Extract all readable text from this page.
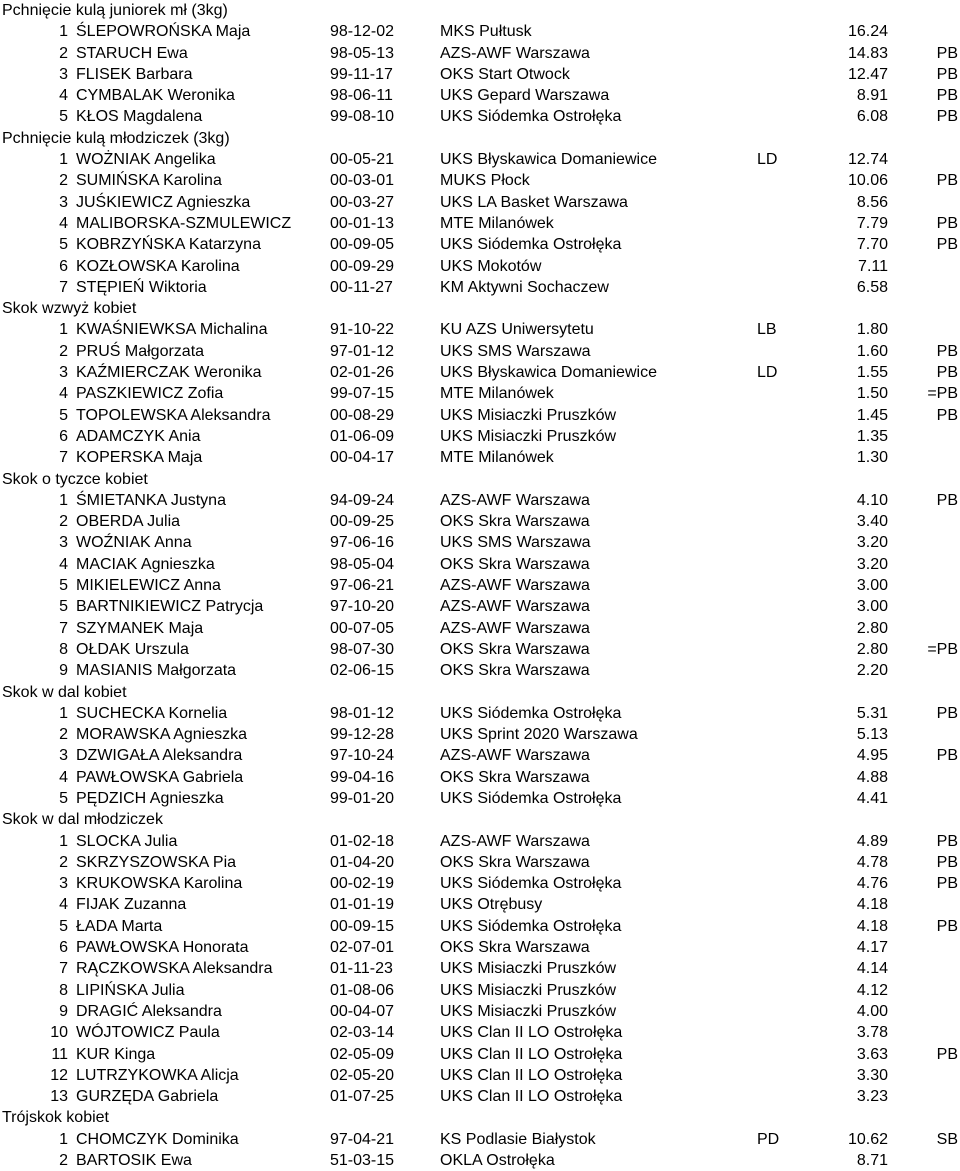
Pchnięcie kulą juniorek mł (3kg)
1 ŚLEPOWROŃSKA Maja	98-12-02	MKS Pułtusk	16.24
2 STARUCH Ewa	98-05-13	AZS-AWF Warszawa	14.83	PB
3 FLISEK Barbara	99-11-17	OKS Start Otwock	12.47	PB
4 CYMBALAK Weronika	98-06-11	UKS Gepard Warszawa	8.91	PB
5 KŁOS Magdalena	99-08-10	UKS Siódemka Ostrołęka	6.08	PB
Pchnięcie kulą młodziczek (3kg)
1 WOŻNIAK Angelika	00-05-21	UKS Błyskawica Domaniewice	LD	12.74
2 SUMIŃSKA Karolina	00-03-01	MUKS Płock	10.06	PB
3 JUŚKIEWICZ Agnieszka	00-03-27	UKS LA Basket Warszawa	8.56
4 MALIBORSKA-SZMULEWICZ 00-01-13	MTE Milanówek	7.79	PB
5 KOBRZYŃSKA Katarzyna	00-09-05	UKS Siódemka Ostrołęka	7.70	PB
6 KOZŁOWSKA Karolina	00-09-29	UKS Mokotów	7.11
7 STĘPIEŃ Wiktoria	00-11-27	KM Aktywni Sochaczew	6.58
Skok wzwyż kobiet
1 KWAŚNIEWKSA Michalina	91-10-22	KU AZS Uniwersytetu	LB	1.80
2 PRUŚ Małgorzata	97-01-12	UKS SMS Warszawa	1.60	PB
3 KAŹMIERCZAK Weronika	02-01-26	UKS Błyskawica Domaniewice	LD	1.55	PB
4 PASZKIEWICZ Zofia	99-07-15	MTE Milanówek	1.50	=PB
5 TOPOLEWSKA Aleksandra	00-08-29	UKS Misiaczki Pruszków	1.45	PB
6 ADAMCZYK Ania	01-06-09	UKS Misiaczki Pruszków	1.35
7 KOPERSKA Maja	00-04-17	MTE Milanówek	1.30
Skok o tyczce kobiet
1 ŚMIETANKA Justyna	94-09-24	AZS-AWF Warszawa	4.10	PB
2 OBERDA Julia	00-09-25	OKS Skra Warszawa	3.40
3 WOŹNIAK Anna	97-06-16	UKS SMS Warszawa	3.20
4 MACIAK Agnieszka	98-05-04	OKS Skra Warszawa	3.20
5 MIKIELEWICZ Anna	97-06-21	AZS-AWF Warszawa	3.00
5 BARTNIKIEWICZ Patrycja	97-10-20	AZS-AWF Warszawa	3.00
7 SZYMANEK Maja	00-07-05	AZS-AWF Warszawa	2.80
8 OŁDAK Urszula	98-07-30	OKS Skra Warszawa	2.80	=PB
9 MASIANIS Małgorzata	02-06-15	OKS Skra Warszawa	2.20
Skok w dal kobiet
1 SUCHECKA Kornelia	98-01-12	UKS Siódemka Ostrołęka	5.31	PB
2 MORAWSKA Agnieszka	99-12-28	UKS Sprint 2020 Warszawa	5.13
3 DZWIGAŁA Aleksandra	97-10-24	AZS-AWF Warszawa	4.95	PB
4 PAWŁOWSKA Gabriela	99-04-16	OKS Skra Warszawa	4.88
5 PĘDZICH Agnieszka	99-01-20	UKS Siódemka Ostrołęka	4.41
Skok w dal młodziczek
1 SLOCKA Julia	01-02-18	AZS-AWF Warszawa	4.89	PB
2 SKRZYSZOWSKA Pia	01-04-20	OKS Skra Warszawa	4.78	PB
3 KRUKOWSKA Karolina	00-02-19	UKS Siódemka Ostrołęka	4.76	PB
4 FIJAK Zuzanna	01-01-19	UKS Otrębusy	4.18
5 ŁADA Marta	00-09-15	UKS Siódemka Ostrołęka	4.18	PB
6 PAWŁOWSKA Honorata	02-07-01	OKS Skra Warszawa	4.17
7 RĄCZKOWSKA Aleksandra	01-11-23	UKS Misiaczki Pruszków	4.14
8 LIPIŃSKA Julia	01-08-06	UKS Misiaczki Pruszków	4.12
9 DRAGIĆ Aleksandra	00-04-07	UKS Misiaczki Pruszków	4.00
10 WÓJTOWICZ Paula	02-03-14	UKS Clan II LO Ostrołęka	3.78
11 KUR Kinga	02-05-09	UKS Clan II LO Ostrołęka	3.63	PB
12 LUTRZYKOWKA Alicja	02-05-20	UKS Clan II LO Ostrołęka	3.30
13 GURZĘDA Gabriela	01-07-25	UKS Clan II LO Ostrołęka	3.23
Trójskok kobiet
1 CHOMCZYK Dominika	97-04-21	KS Podlasie Białystok	PD	10.62	SB
2 BARTOSIK Ewa	51-03-15	OKLA Ostrołęka	8.71
